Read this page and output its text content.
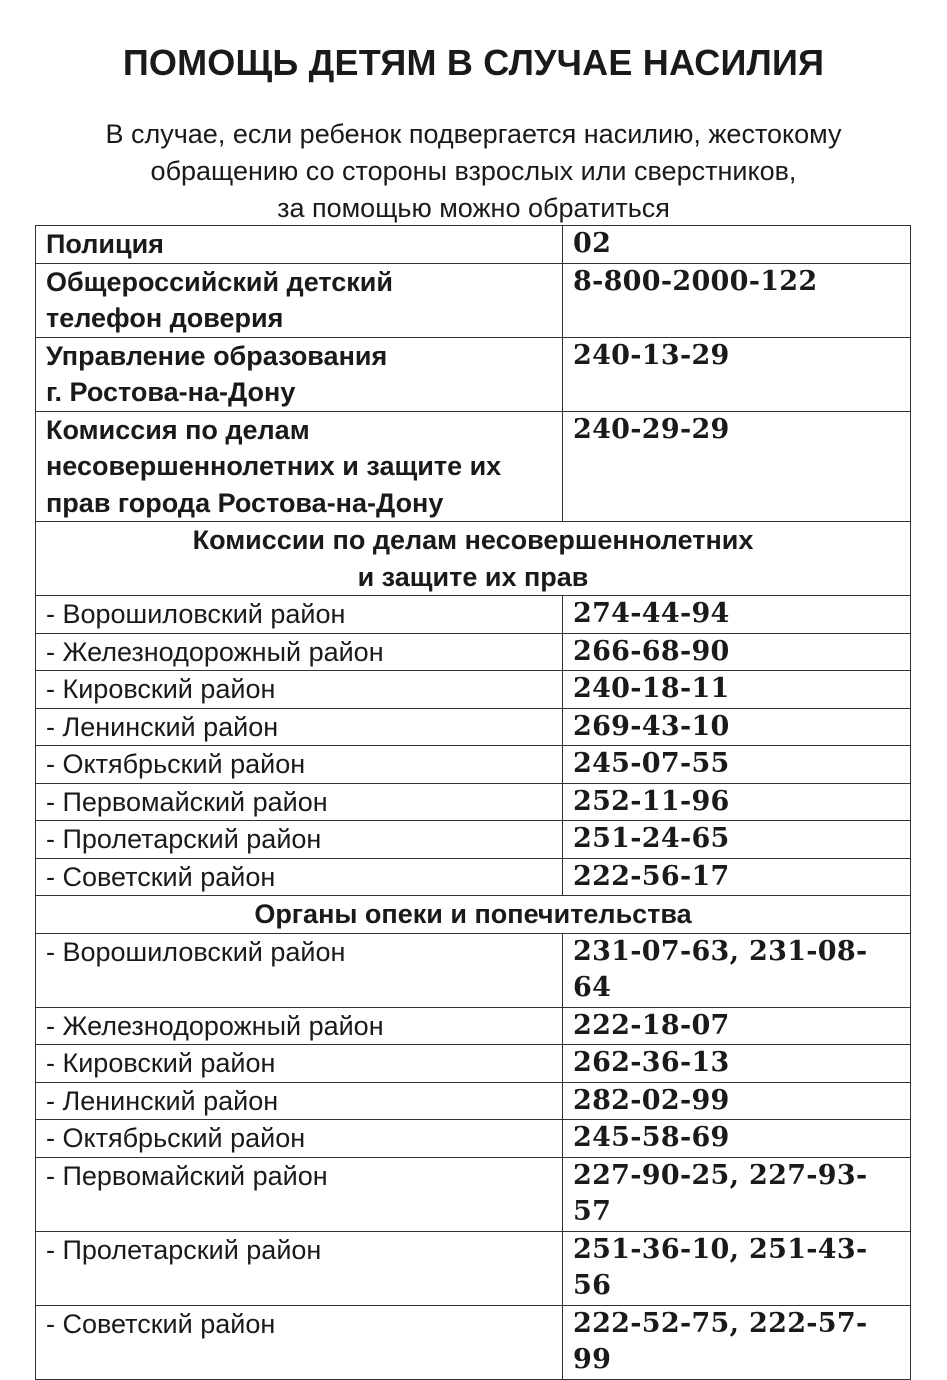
ПОМОЩЬ ДЕТЯМ В СЛУЧАЕ НАСИЛИЯ
В случае, если ребенок подвергается насилию, жестокому
обращению со стороны взрослых или сверстников,
за помощью можно обратиться
Полиция	02

Общероссийский детский
телефон доверия	8-800-2000-122

Управление образования
г. Ростова-на-Дону	240-13-29

Комиссия по делам
несовершеннолетних и защите их
прав города Ростова-на-Дону	240-29-29

Комиссии по делам несовершеннолетних
и защите их прав	

- Ворошиловский район	274-44-94
- Железнодорожный район	266-68-90
- Кировский район	240-18-11
- Ленинский район	269-43-10
- Октябрьский район	245-07-55
- Первомайский район	252-11-96
- Пролетарский район	251-24-65
- Советский район	222-56-17
Органы опеки и попечительства	
- Ворошиловский район	231-07-63, 231-08-64
- Железнодорожный район	222-18-07
- Кировский район	262-36-13
- Ленинский район	282-02-99
- Октябрьский район	245-58-69
- Первомайский район	227-90-25, 227-93-57
- Пролетарский район	251-36-10, 251-43-56
- Советский район	222-52-75, 222-57-99
